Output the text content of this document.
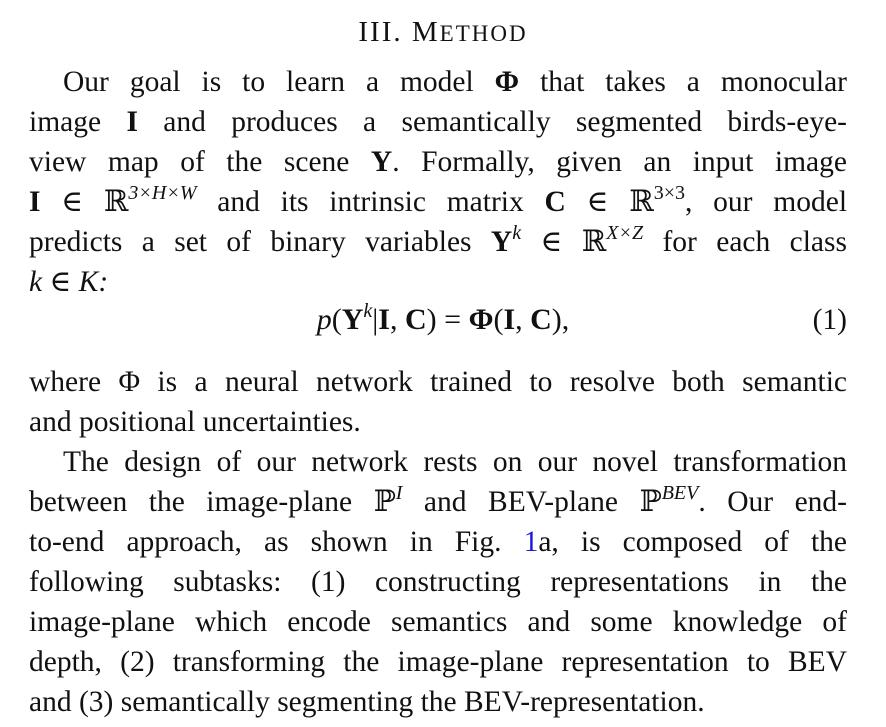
III. METHOD
Our goal is to learn a model Φ that takes a monocular
image I and produces a semantically segmented birds-eye-
view map of the scene Y. Formally, given an input image
I ∈ ℝ$^{3\times H\times W}$ and its intrinsic matrix C ∈ ℝ$^{3\times 3}$, our model
predicts a set of binary variables $Y^k$ ∈ ℝ$^{X\times Z}$ for each class
k ∈ K:
$p(Y^k|I$, C) = Φ(I, C),	(1)
where Φ is a neural network trained to resolve both semantic
and positional uncertainties.
The design of our network rests on our novel transformation
between the image-plane ℙ$^I$ and BEV-plane ℙ$^{BEV}$. Our end-
to-end approach, as shown in Fig. 1a, is composed of the
following subtasks: (1) constructing representations in the
image-plane which encode semantics and some knowledge of
depth, (2) transforming the image-plane representation to BEV
and (3) semantically segmenting the BEV-representation.
